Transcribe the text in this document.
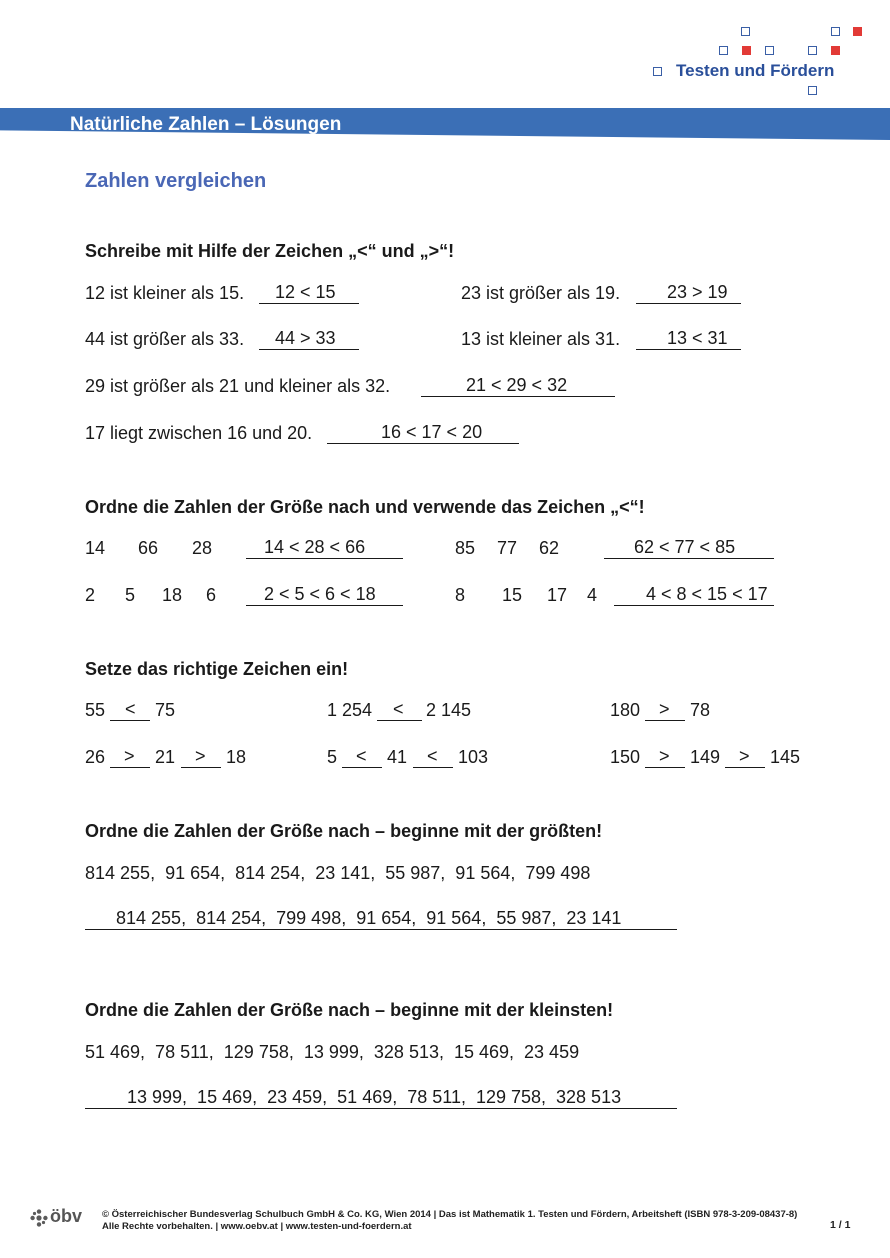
Testen und Fördern
Natürliche Zahlen – Lösungen
Zahlen vergleichen
Schreibe mit Hilfe der Zeichen „<“ und „>“!
12 ist kleiner als 15. 12 < 15	23 ist größer als 19.	23 > 19
44 ist größer als 33. 44 > 33	13 ist kleiner als 31.	13 < 31
29 ist größer als 21 und kleiner als 32.	21 < 29 < 32
17 liegt zwischen 16 und 20.	16 < 17 < 20
Ordne die Zahlen der Größe nach und verwende das Zeichen „<“!
14 66 28	14 < 28 < 66	85 77 62	62 < 77 < 85
2 5 18 6	2 < 5 < 6 < 18	8 15 17 4	4 < 8 < 15 < 17
Setze das richtige Zeichen ein!
55 < 75	1 254 < 2 145	180 > 78
26 > 21 > 18	5 < 41 < 103	150 > 149 > 145
Ordne die Zahlen der Größe nach – beginne mit der größten!
814 255,  91 654,  814 254,  23 141,  55 987,  91 564,  799 498
814 255,  814 254,  799 498,  91 654,  91 564,  55 987,  23 141
Ordne die Zahlen der Größe nach – beginne mit der kleinsten!
51 469,  78 511,  129 758,  13 999,  328 513,  15 469,  23 459
13 999,  15 469,  23 459,  51 469,  78 511,  129 758,  328 513
öbv © Österreichischer Bundesverlag Schulbuch GmbH & Co. KG, Wien 2014 | Das ist Mathematik 1. Testen und Fördern, Arbeitsheft (ISBN 978-3-209-08437-8)
Alle Rechte vorbehalten. | www.oebv.at | www.testen-und-foerdern.at	1 / 1
